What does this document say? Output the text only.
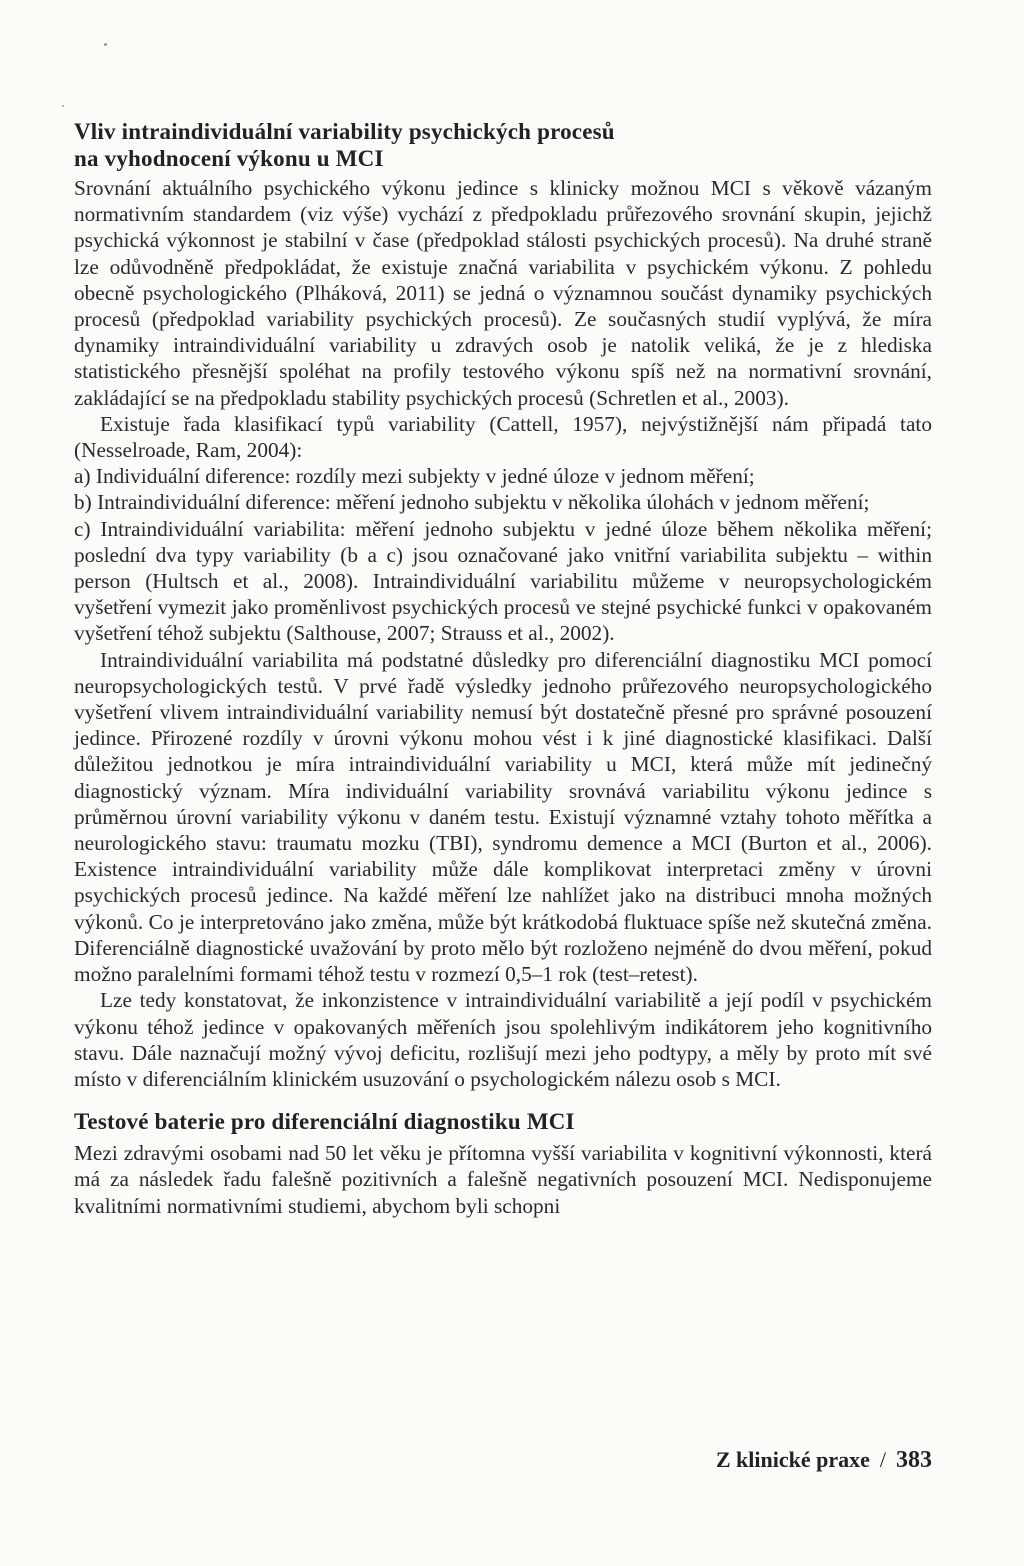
Vliv intraindividuální variability psychických procesů
na vyhodnocení výkonu u MCI

Srovnání aktuálního psychického výkonu jedince s klinicky možnou MCI s věkově vázaným normativním standardem (viz výše) vychází z předpokladu průřezového srovnání skupin, jejichž psychická výkonnost je stabilní v čase (předpoklad stálosti psychických procesů). Na druhé straně lze odůvodněně předpokládat, že existuje značná variabilita v psychickém výkonu. Z pohledu obecně psychologického (Plháková, 2011) se jedná o významnou součást dynamiky psychických procesů (předpoklad variability psychických procesů). Ze současných studií vyplývá, že míra dynamiky intraindividuální variability u zdravých osob je natolik veliká, že je z hlediska statistického přesnější spoléhat na profily testového výkonu spíš než na normativní srovnání, zakládající se na předpokladu stability psychických procesů (Schretlen et al., 2003).

Existuje řada klasifikací typů variability (Cattell, 1957), nejvýstižnější nám připadá tato (Nesselroade, Ram, 2004):

a) Individuální diference: rozdíly mezi subjekty v jedné úloze v jednom měření;

b) Intraindividuální diference: měření jednoho subjektu v několika úlohách v jednom měření;

c) Intraindividuální variabilita: měření jednoho subjektu v jedné úloze během několika měření; poslední dva typy variability (b a c) jsou označované jako vnitřní variabilita subjektu – within person (Hultsch et al., 2008). Intraindividuální variabilitu můžeme v neuropsychologickém vyšetření vymezit jako proměnlivost psychických procesů ve stejné psychické funkci v opakovaném vyšetření téhož subjektu (Salthouse, 2007; Strauss et al., 2002).

Intraindividuální variabilita má podstatné důsledky pro diferenciální diagnostiku MCI pomocí neuropsychologických testů. V prvé řadě výsledky jednoho průřezového neuropsychologického vyšetření vlivem intraindividuální variability nemusí být dostatečně přesné pro správné posouzení jedince. Přirozené rozdíly v úrovni výkonu mohou vést i k jiné diagnostické klasifikaci. Další důležitou jednotkou je míra intraindividuální variability u MCI, která může mít jedinečný diagnostický význam. Míra individuální variability srovnává variabilitu výkonu jedince s průměrnou úrovní variability výkonu v daném testu. Existují významné vztahy tohoto měřítka a neurologického stavu: traumatu mozku (TBI), syndromu demence a MCI (Burton et al., 2006). Existence intraindividuální variability může dále komplikovat interpretaci změny v úrovni psychických procesů jedince. Na každé měření lze nahlížet jako na distribuci mnoha možných výkonů. Co je interpretováno jako změna, může být krátkodobá fluktuace spíše než skutečná změna. Diferenciálně diagnostické uvažování by proto mělo být rozloženo nejméně do dvou měření, pokud možno paralelními formami téhož testu v rozmezí 0,5–1 rok (test–retest).

Lze tedy konstatovat, že inkonzistence v intraindividuální variabilitě a její podíl v psychickém výkonu téhož jedince v opakovaných měřeních jsou spolehlivým indikátorem jeho kognitivního stavu. Dále naznačují možný vývoj deficitu, rozlišují mezi jeho podtypy, a měly by proto mít své místo v diferenciálním klinickém usuzování o psychologickém nálezu osob s MCI.

Testové baterie pro diferenciální diagnostiku MCI

Mezi zdravými osobami nad 50 let věku je přítomna vyšší variabilita v kognitivní výkonnosti, která má za následek řadu falešně pozitivních a falešně negativních posouzení MCI. Nedisponujeme kvalitními normativními studiemi, abychom byli schopni

Z klinické praxe / 383
